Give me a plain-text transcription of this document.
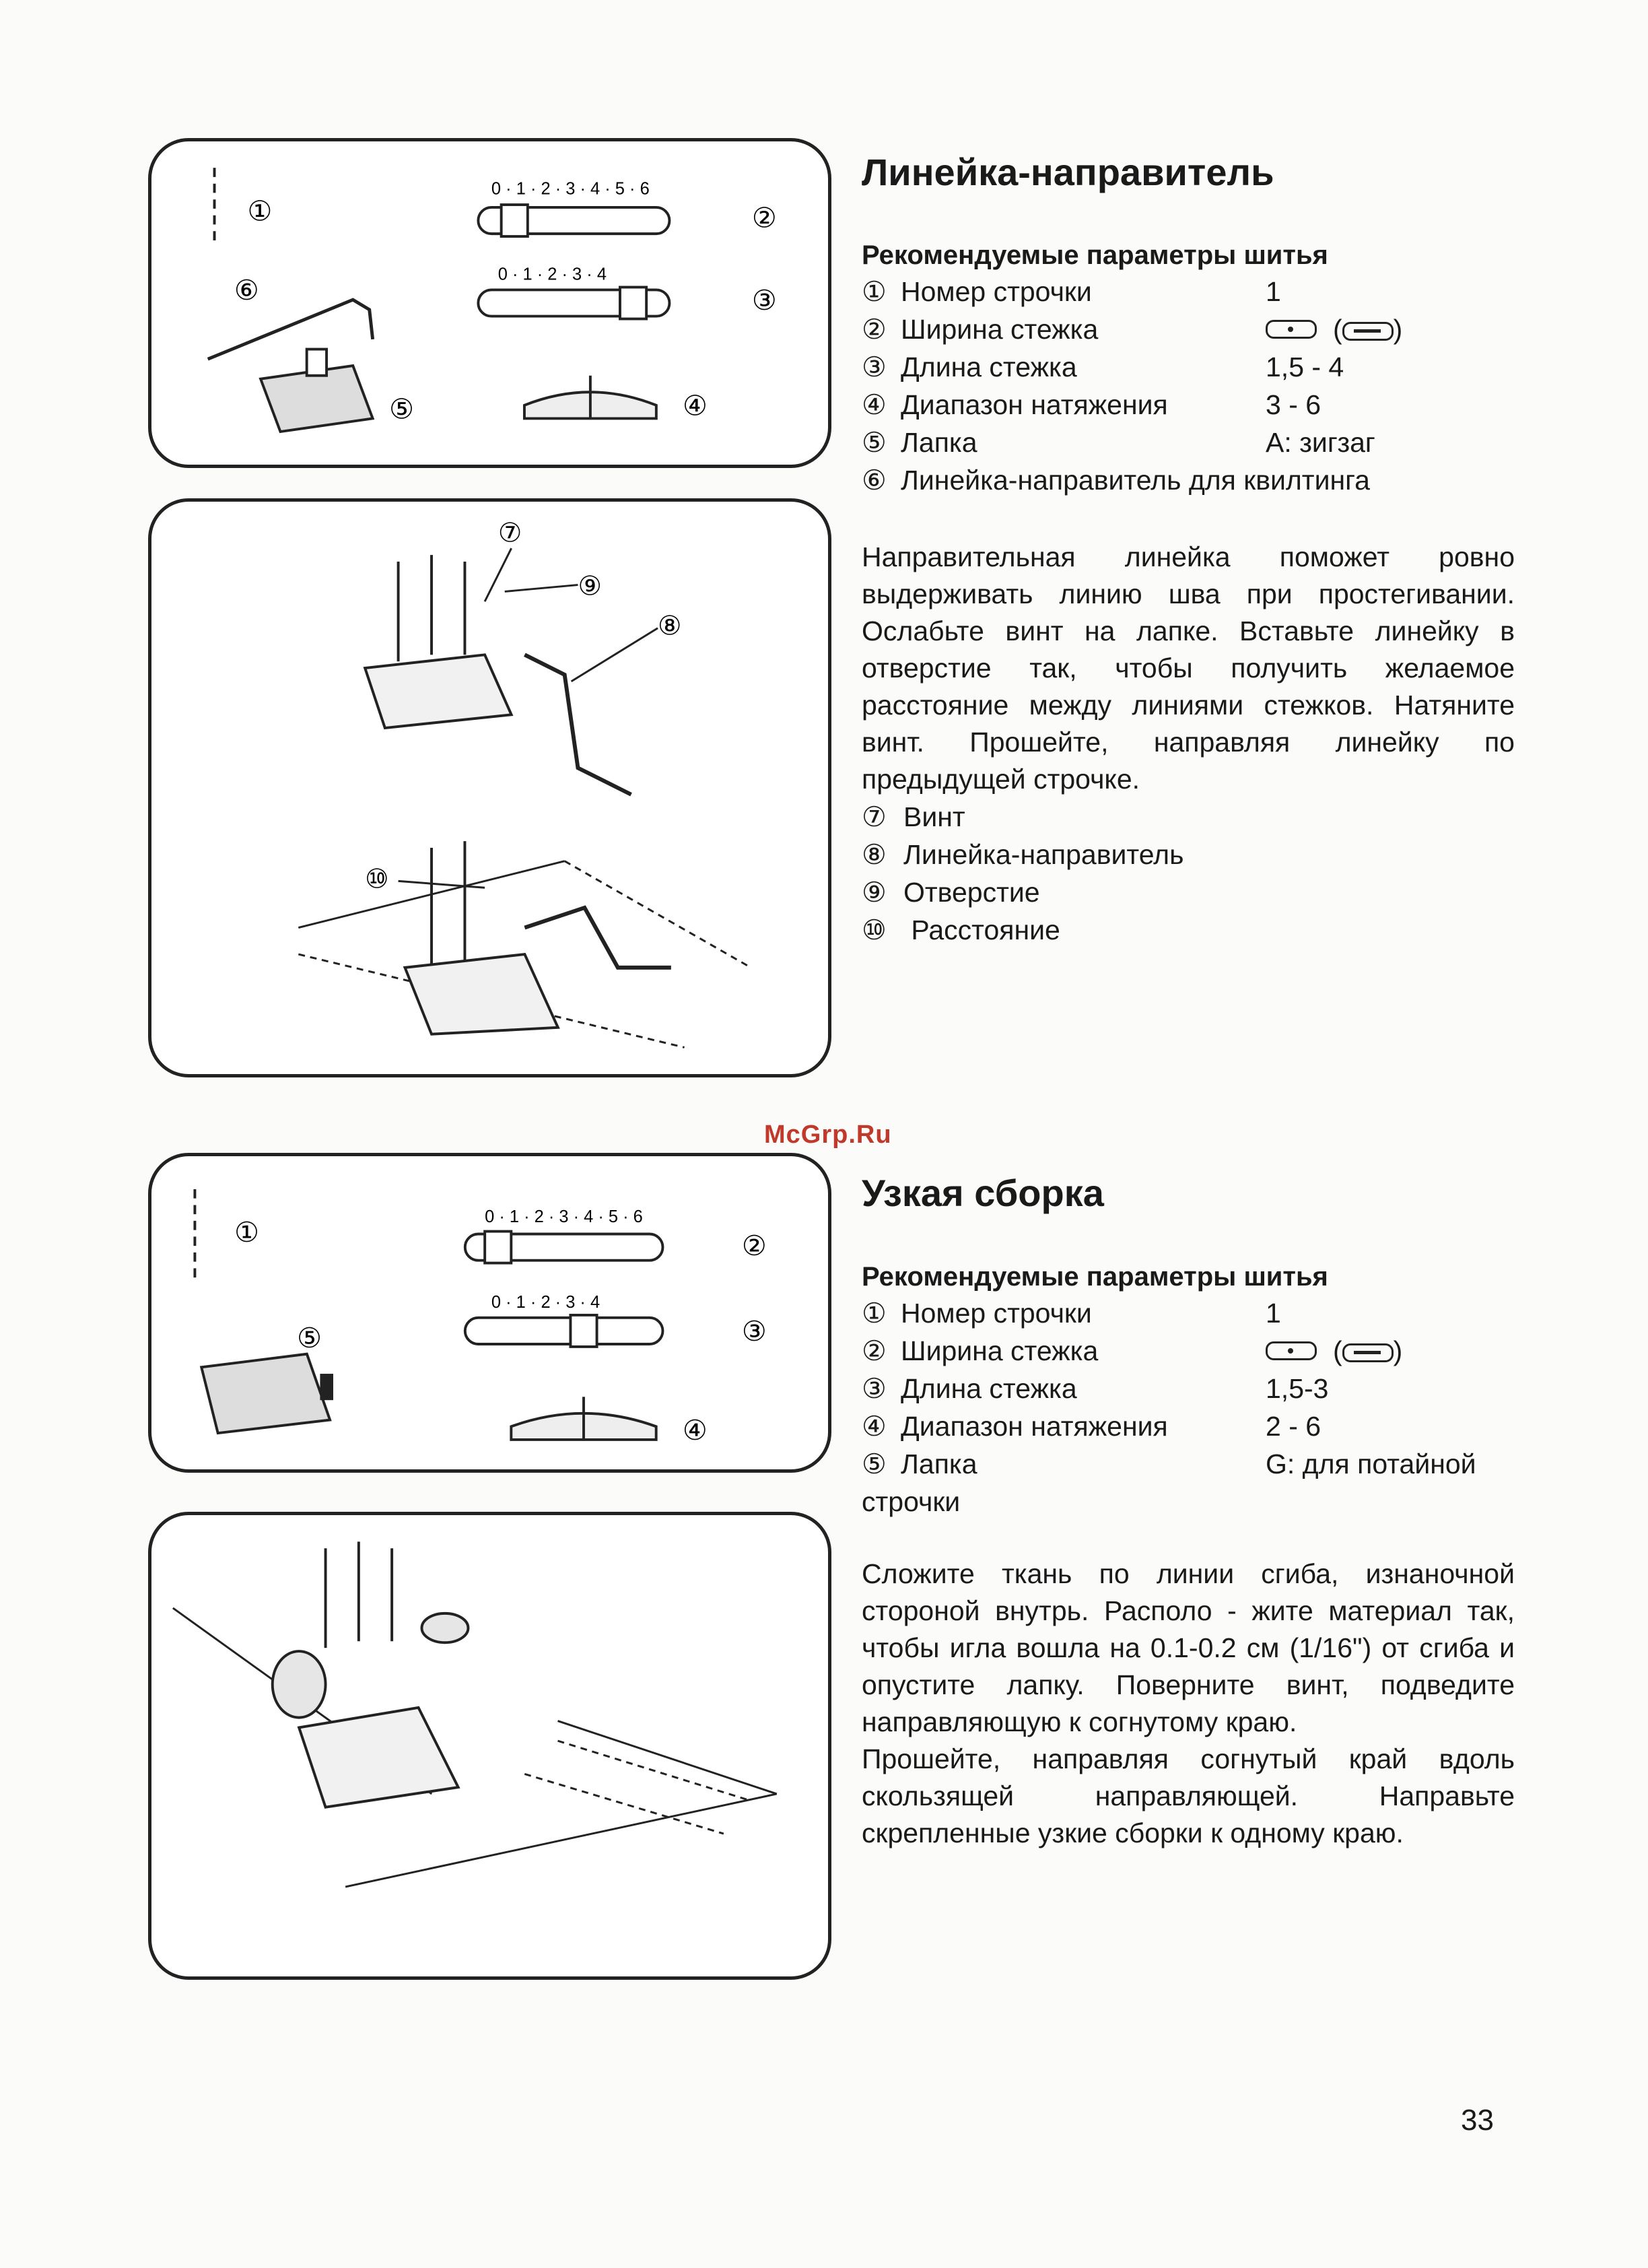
①
0 · 1 · 2 · 3 · 4 · 5 · 6
②
0 · 1 · 2 · 3 · 4
③
⑥
⑤	④
⑦
⑨
⑧
⑩
①	0 · 1 · 2 · 3 · 4 · 5 · 6
②
0 · 1 · 2 · 3 · 4
③
⑤
④
Линейка-направитель
Рекомендуемые параметры шитья
① Номер строчки	1
② Ширина стежка	( )
③ Длина стежка	1,5 - 4
④ Диапазон натяжения	3 - 6
⑤ Лапка	А: зигзаг
⑥ Линейка-направитель для квилтинга

Направительная линейка поможет ровно выдерживать линию шва при простегивании. Ослабьте винт на лапке. Вставьте линейку в отверстие так, чтобы получить желаемое расстояние между линиями стежков. Натяните винт. Прошейте, направляя линейку по предыдущей строчке.

⑦ Винт
⑧ Линейка-направитель
⑨ Отверстие
⑩ Расстояние
McGrp.Ru
Узкая сборка
Рекомендуемые параметры шитья
① Номер строчки	1
② Ширина стежка	( )
③ Длина стежка	1,5-3
④ Диапазон натяжения	2 - 6
⑤ Лапка	G: для потайной
строчки

Сложите ткань по линии сгиба, изнаночной стороной внутрь. Располо - жите материал так, чтобы игла вошла на 0.1-0.2 см (1/16") от сгиба и опустите лапку. Поверните винт, подведите направляющую к согнутому краю.

Прошейте, направляя согнутый край вдоль скользящей направляющей. Направьте скрепленные узкие сборки к одному краю.

33
